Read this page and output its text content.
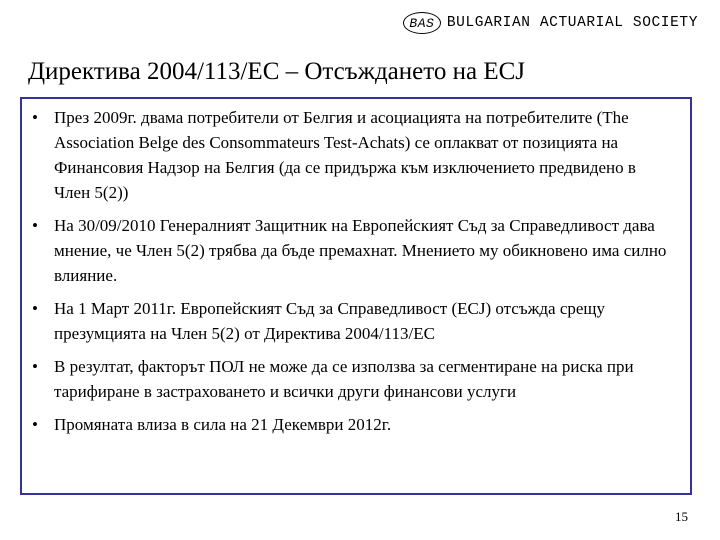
BAS BULGARIAN ACTUARIAL SOCIETY
Директива 2004/113/ЕС – Отсъждането на ECJ
• През 2009г. двама потребители от Белгия и асоциацията на потребителите (The Association Belge des Consommateurs Test-Achats) се оплакват от позицията на Финансовия Надзор на Белгия (да се придържа към изключението предвидено в Член 5(2))
• На 30/09/2010 Генералният Защитник на Европейският Съд за Справедливост дава мнение, че Член 5(2) трябва да бъде премахнат. Мнението му обикновено има силно влияние.
• На 1 Март 2011г. Европейският Съд за Справедливост (ECJ) отсъжда срещу презумцията на Член 5(2) от Директива 2004/113/ЕС
• В резултат, факторът ПОЛ не може да се използва за сегментиране на риска при тарифиране в застраховането и всички други финансови услуги
• Промяната влиза в сила на 21 Декември 2012г.
15
